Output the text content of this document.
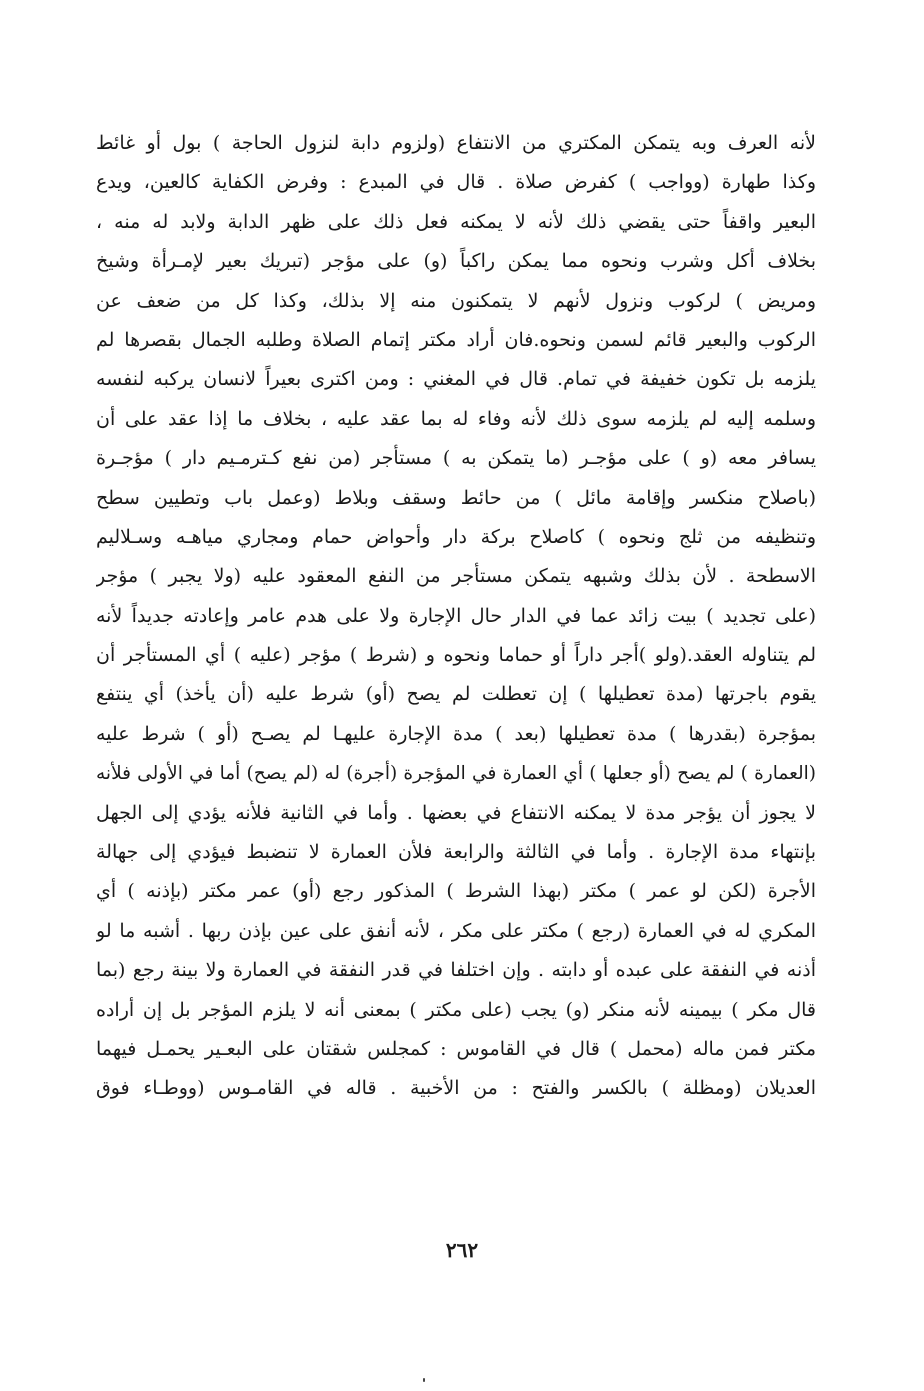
لأنه العرف وبه يتمكن المكتري من الانتفاع (ولزوم دابة لنزول الحاجة ) بول أو غائط
وكذا طهارة (وواجب ) كفرض صلاة . قال في المبدع : وفرض الكفاية كالعين، ويدع
البعير واقفاً حتى يقضي ذلك لأنه لا يمكنه فعل ذلك على ظهر الدابة ولابد له منه ،
بخلاف أكل وشرب ونحوه مما يمكن راكباً (و) على مؤجر (تبريك بعير لإمـرأة وشيخ
ومريض ) لركوب ونزول لأنهم لا يتمكنون منه إلا بذلك، وكذا كل من ضعف عن
الركوب والبعير قائم لسمن ونحوه.فان أراد مكتر إتمام الصلاة وطلبه الجمال بقصرها لم
يلزمه بل تكون خفيفة في تمام. قال في المغني : ومن اكترى بعيراً لانسان يركبه لنفسه
وسلمه إليه لم يلزمه سوى ذلك لأنه وفاء له بما عقد عليه ، بخلاف ما إذا عقد على أن
يسافر معه (و ) على مؤجـر (ما يتمكن به ) مستأجر (من نفع كـترمـيم دار ) مؤجـرة
(باصلاح منكسر وإقامة مائل ) من حائط وسقف وبلاط (وعمل باب وتطيين سطح
وتنظيفه من ثلج ونحوه ) كاصلاح بركة دار وأحواض حمام ومجاري مياهـه وسـلاليم
الاسطحة . لأن بذلك وشبهه يتمكن مستأجر من النفع المعقود عليه (ولا يجبر ) مؤجر
(على تجديد ) بيت زائد عما في الدار حال الإجارة ولا على هدم عامر وإعادته جديداً لأنه
لم يتناوله العقد.(ولو )أجر داراً أو حماما ونحوه و (شرط ) مؤجر (عليه ) أي المستأجر أن
يقوم باجرتها (مدة تعطيلها ) إن تعطلت لم يصح (أو) شرط عليه (أن يأخذ) أي ينتفع
بمؤجرة (بقدرها ) مدة تعطيلها (بعد ) مدة الإجارة عليهـا لم يصـح (أو ) شرط عليه
(العمارة ) لم يصح (أو جعلها ) أي العمارة في المؤجرة (أجرة) له (لم يصح) أما في الأولى فلأنه
لا يجوز أن يؤجر مدة لا يمكنه الانتفاع في بعضها . وأما في الثانية فلأنه يؤدي إلى الجهل
بإنتهاء مدة الإجارة . وأما في الثالثة والرابعة فلأن العمارة لا تنضبط فيؤدي إلى جهالة
الأجرة (لكن لو عمر ) مكتر (بهذا الشرط ) المذكور رجع (أو) عمر مكتر (بإذنه ) أي
المكري له في العمارة (رجع ) مكتر على مكر ، لأنه أنفق على عين بإذن ربها . أشبه ما لو
أذنه في النفقة على عبده أو دابته . وإن اختلفا في قدر النفقة في العمارة ولا بينة رجع (بما
قال مكر ) بيمينه لأنه منكر (و) يجب (على مكتر ) بمعنى أنه لا يلزم المؤجر بل إن أراده
مكتر فمن ماله (محمل ) قال في القاموس : كمجلس شقتان على البعـير يحمـل فيهما
العديلان (ومظلة ) بالكسر والفتح : من الأخبية . قاله في القامـوس (ووطـاء فوق
٢٦٢
